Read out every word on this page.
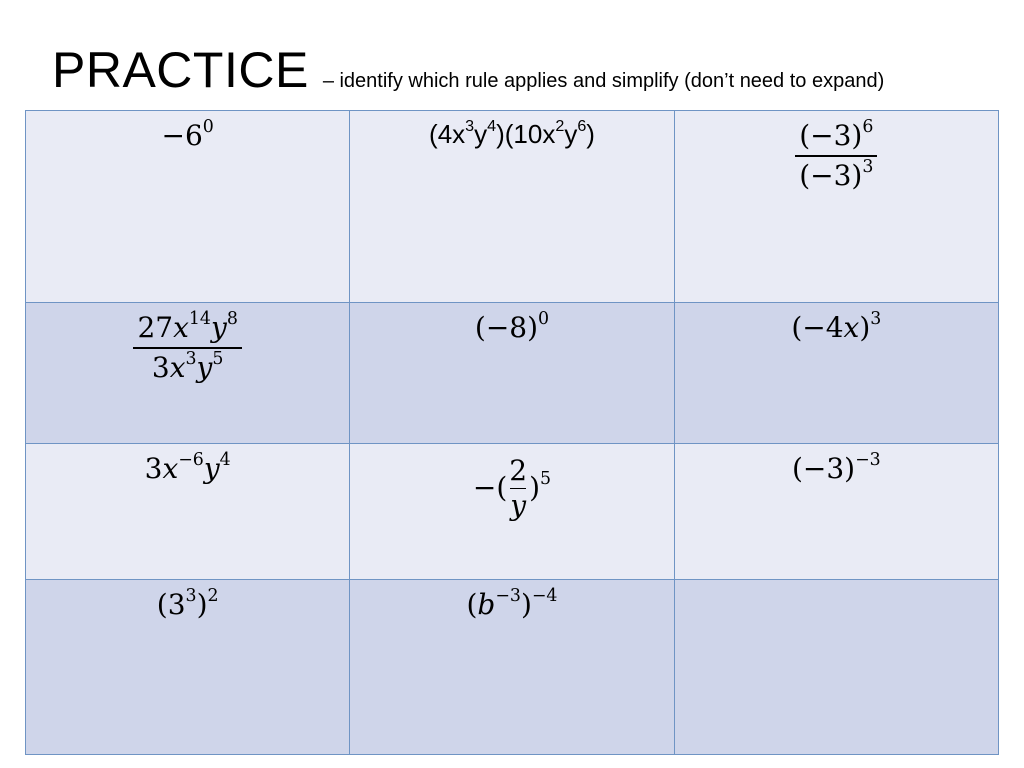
PRACTICE – identify which rule applies and simplify (don’t need to expand)
$-6^0$	$(4x^3y^4)(10x^2y^6)$	$\frac{(-3)^6}{(-3)^3}$

$\frac{27x^{14}y^8}{3x^3y^5}$	$(-8)^0$	$(-4x)^3$
$3x^{-6}y^4$	−( $\frac{2}{y} )^5$	$(-3)^{-3}$
$(3^3)^2$	$(b^{-3})^{-4}$	
